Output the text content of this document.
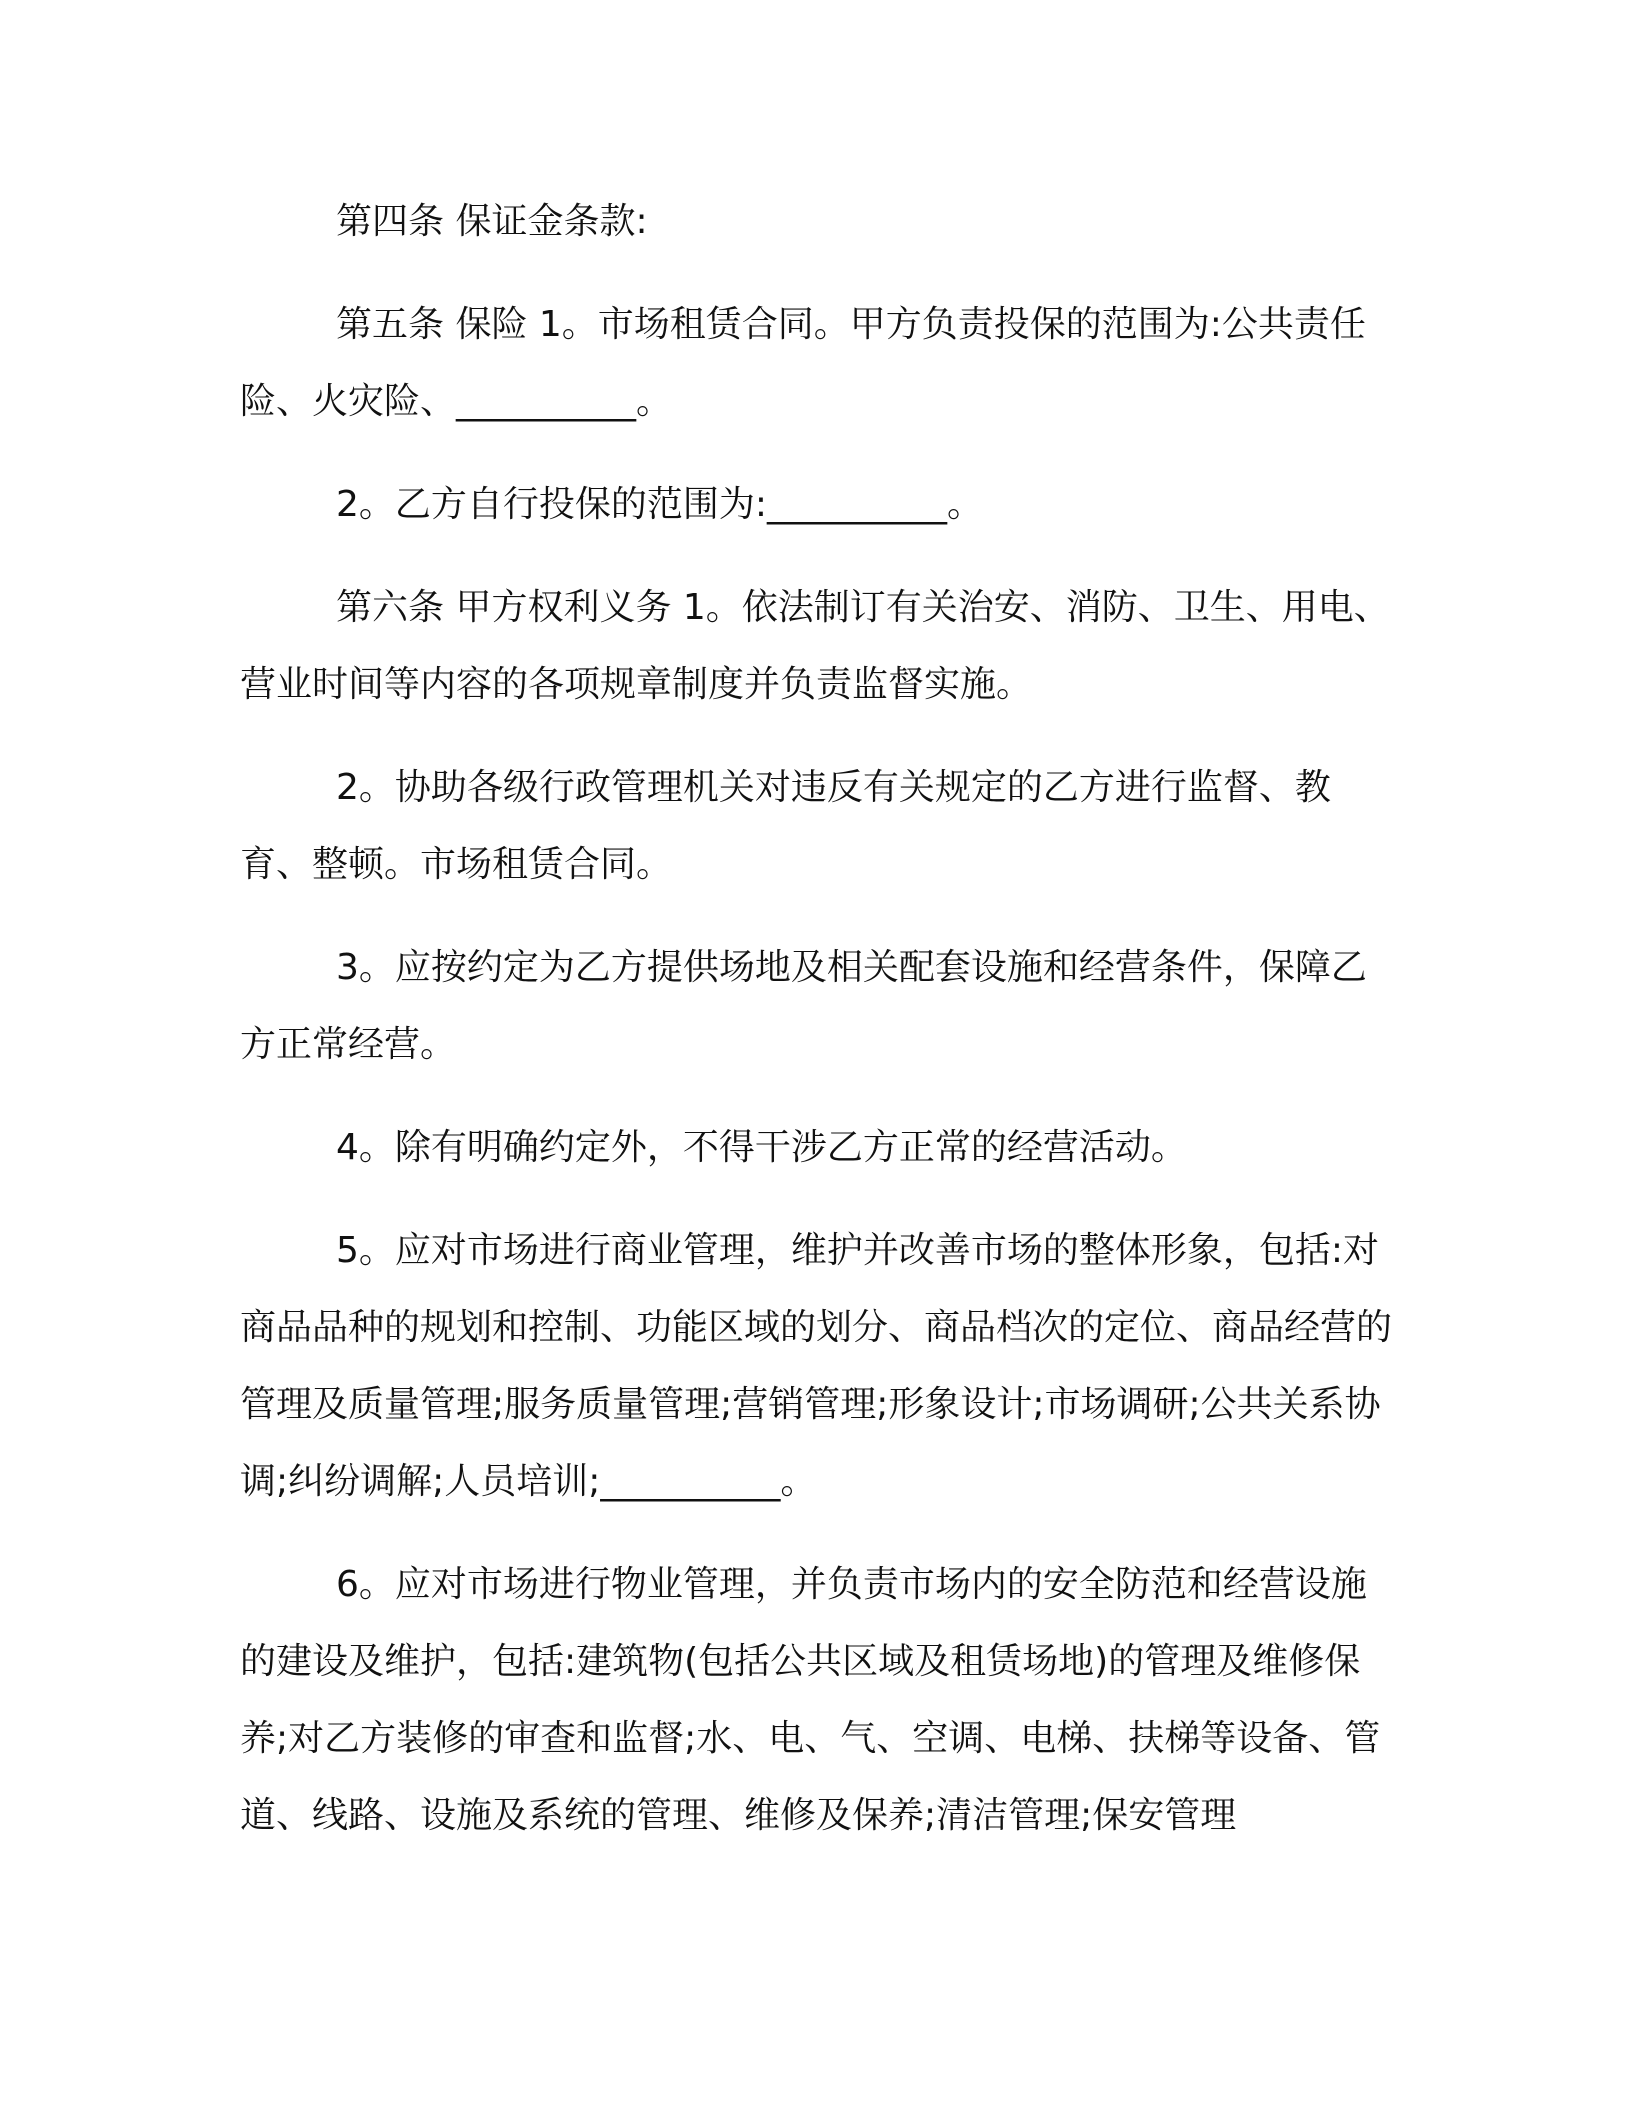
第四条 保证金条款:

第五条 保险 1。市场租赁合同。甲方负责投保的范围为:公共责任险、火灾险、__________。

2。乙方自行投保的范围为:__________。

第六条 甲方权利义务 1。依法制订有关治安、消防、卫生、用电、营业时间等内容的各项规章制度并负责监督实施。

2。协助各级行政管理机关对违反有关规定的乙方进行监督、教育、整顿。市场租赁合同。

3。应按约定为乙方提供场地及相关配套设施和经营条件，保障乙方正常经营。

4。除有明确约定外，不得干涉乙方正常的经营活动。

5。应对市场进行商业管理，维护并改善市场的整体形象，包括:对商品品种的规划和控制、功能区域的划分、商品档次的定位、商品经营的管理及质量管理;服务质量管理;营销管理;形象设计;市场调研;公共关系协调;纠纷调解;人员培训;__________。

6。应对市场进行物业管理，并负责市场内的安全防范和经营设施的建设及维护，包括:建筑物(包括公共区域及租赁场地)的管理及维修保养;对乙方装修的审查和监督;水、电、气、空调、电梯、扶梯等设备、管道、线路、设施及系统的管理、维修及保养;清洁管理;保安管理
